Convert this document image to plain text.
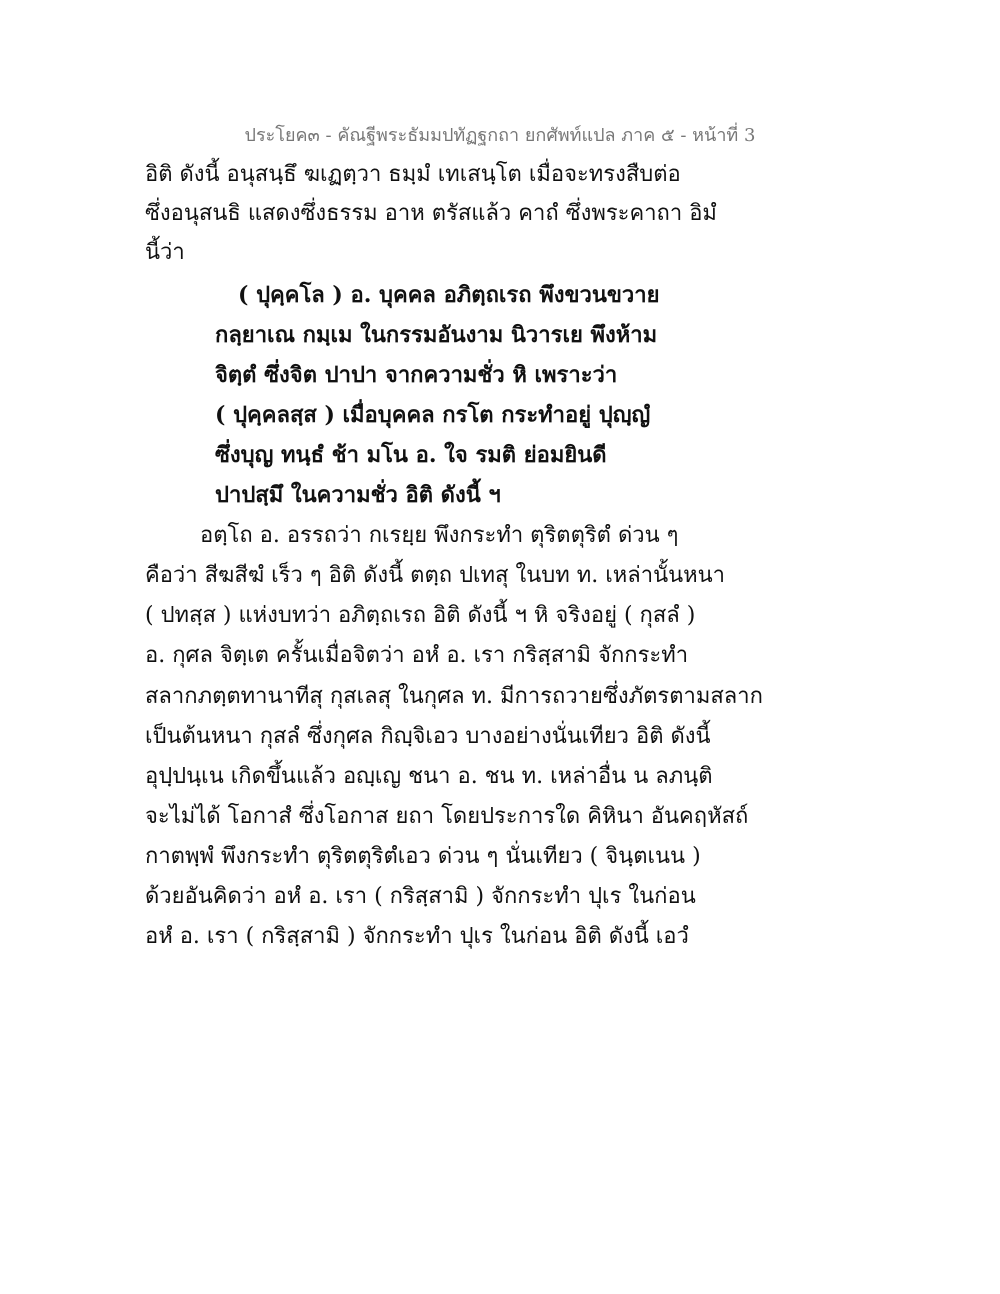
ประโยค๓ - คัณฐีพระธัมมปทัฏฐกถา ยกศัพท์แปล ภาค ๕ - หน้าที่ 3
อิติ ดังนี้ อนุสนฺธึ ฆเฏตฺวา ธมฺมํ เทเสนฺโต เมื่อจะทรงสืบต่อ
ซึ่งอนุสนธิ แสดงซึ่งธรรม อาห ตรัสแล้ว คาถํ ซึ่งพระคาถา อิมํ
นี้ว่า
( ปุคฺคโล ) อ. บุคคล อภิตฺถเรถ พึงขวนขวาย
กลฺยาเณ กมฺเม ในกรรมอันงาม นิวารเย พึงห้าม
จิตฺตํ ซึ่งจิต ปาปา จากความชั่ว หิ เพราะว่า
( ปุคฺคลสฺส ) เมื่อบุคคล กรโต กระทำอยู่ ปุญฺญํ
ซึ่งบุญ ทนฺธํ ช้า มโน อ. ใจ รมติ ย่อมยินดี
ปาปสฺมึ ในความชั่ว อิติ ดังนี้ ฯ
อตฺโถ อ. อรรถว่า กเรยฺย พึงกระทำ ตุริตตุริตํ ด่วน ๆ
คือว่า สีฆสีฆํ เร็ว ๆ อิติ ดังนี้ ตตฺถ ปเทสุ ในบท ท. เหล่านั้นหนา
( ปทสฺส ) แห่งบทว่า อภิตฺถเรถ อิติ ดังนี้ ฯ หิ จริงอยู่ ( กุสลํ )
อ. กุศล จิตฺเต ครั้นเมื่อจิตว่า อหํ อ. เรา กริสฺสามิ จักกระทำ
สลากภตฺตทานาทีสุ กุสเลสุ ในกุศล ท. มีการถวายซึ่งภัตรตามสลาก
เป็นต้นหนา กุสลํ ซึ่งกุศล กิญฺจิเอว บางอย่างนั่นเทียว อิติ ดังนี้
อุปฺปนฺเน เกิดขึ้นแล้ว อญฺเญ ชนา อ. ชน ท. เหล่าอื่น น ลภนฺติ
จะไม่ได้ โอกาสํ ซึ่งโอกาส ยถา โดยประการใด คิหินา อันคฤหัสถ์
กาตพฺพํ พึงกระทำ ตุริตตุริตํเอว ด่วน ๆ นั่นเทียว ( จินฺตเนน )
ด้วยอันคิดว่า อหํ อ. เรา ( กริสฺสามิ ) จักกระทำ ปุเร ในก่อน
อหํ อ. เรา ( กริสฺสามิ ) จักกระทำ ปุเร ในก่อน อิติ ดังนี้ เอวํ
